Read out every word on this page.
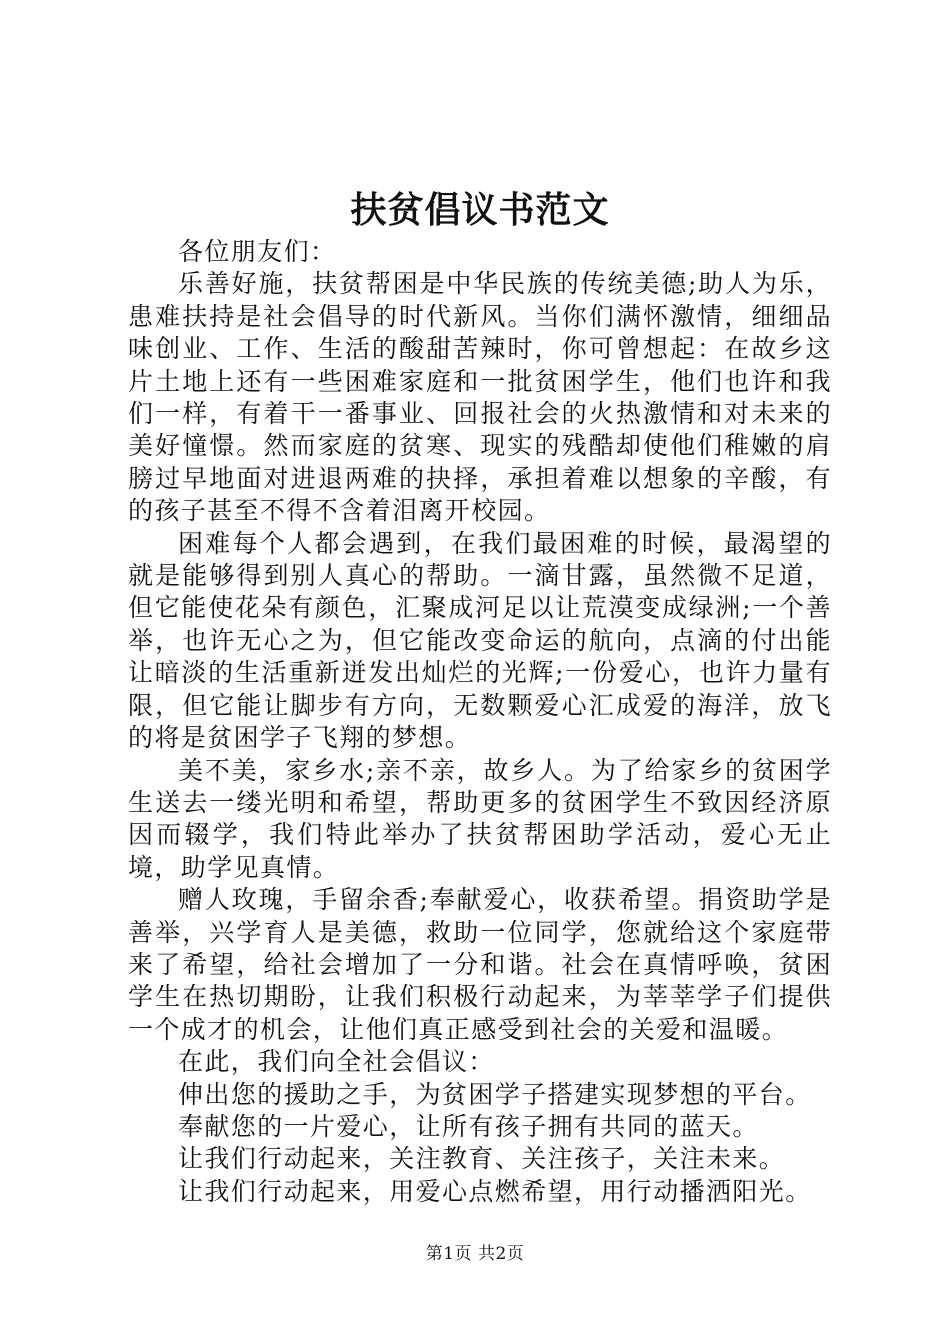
扶贫倡议书范文

各位朋友们：

乐善好施，扶贫帮困是中华民族的传统美德;助人为乐，患难扶持是社会倡导的时代新风。当你们满怀激情，细细品味创业、工作、生活的酸甜苦辣时，你可曾想起：在故乡这片土地上还有一些困难家庭和一批贫困学生，他们也许和我们一样，有着干一番事业、回报社会的火热激情和对未来的美好憧憬。然而家庭的贫寒、现实的残酷却使他们稚嫩的肩膀过早地面对进退两难的抉择，承担着难以想象的辛酸，有的孩子甚至不得不含着泪离开校园。

困难每个人都会遇到，在我们最困难的时候，最渴望的就是能够得到别人真心的帮助。一滴甘露，虽然微不足道，但它能使花朵有颜色，汇聚成河足以让荒漠变成绿洲;一个善举，也许无心之为，但它能改变命运的航向，点滴的付出能让暗淡的生活重新迸发出灿烂的光辉;一份爱心，也许力量有限，但它能让脚步有方向，无数颗爱心汇成爱的海洋，放飞的将是贫困学子飞翔的梦想。

美不美，家乡水;亲不亲，故乡人。为了给家乡的贫困学生送去一缕光明和希望，帮助更多的贫困学生不致因经济原因而辍学，我们特此举办了扶贫帮困助学活动，爱心无止境，助学见真情。

赠人玫瑰，手留余香;奉献爱心，收获希望。捐资助学是善举，兴学育人是美德，救助一位同学，您就给这个家庭带来了希望，给社会增加了一分和谐。社会在真情呼唤，贫困学生在热切期盼，让我们积极行动起来，为莘莘学子们提供一个成才的机会，让他们真正感受到社会的关爱和温暖。

在此，我们向全社会倡议：

伸出您的援助之手，为贫困学子搭建实现梦想的平台。

奉献您的一片爱心，让所有孩子拥有共同的蓝天。

让我们行动起来，关注教育、关注孩子，关注未来。

让我们行动起来，用爱心点燃希望，用行动播洒阳光。

第1页 共2页
